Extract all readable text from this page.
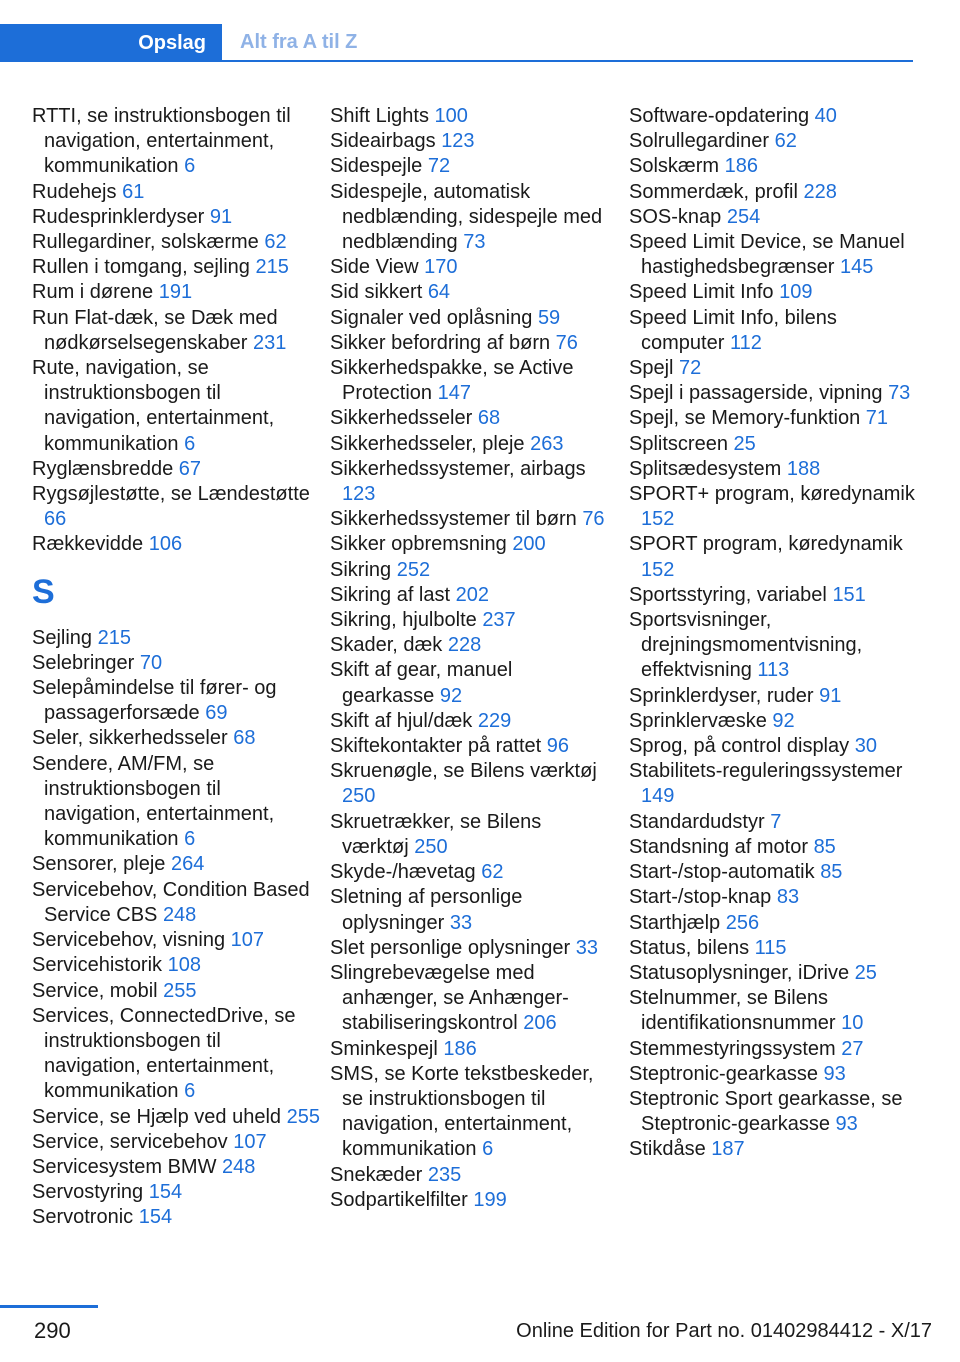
Opslag	Alt fra A til Z

RTTI, se instruktionsbogen til navigation, entertainment, kommunikation 6

Rudehejs 61

Rudesprinklerdyser 91

Rullegardiner, solskærme 62

Rullen i tomgang, sejling 215

Rum i dørene 191

Run Flat-dæk, se Dæk med nødkørselsegenskaber 231

Rute, navigation, se instruktionsbogen til navigation, entertainment, kommunikation 6

Ryglænsbredde 67

Rygsøjlestøtte, se Lændestøtte 66

Rækkevidde 106

S

Sejling 215

Selebringer 70

Selepåmindelse til fører- og passagerforsæde 69

Seler, sikkerhedsseler 68

Sendere, AM/FM, se instruktionsbogen til navigation, entertainment, kommunikation 6

Sensorer, pleje 264

Servicebehov, Condition Based Service CBS 248

Servicebehov, visning 107

Servicehistorik 108

Service, mobil 255

Services, ConnectedDrive, se instruktionsbogen til navigation, entertainment, kommunikation 6

Service, se Hjælp ved uheld 255

Service, servicebehov 107

Servicesystem BMW 248

Servostyring 154

Servotronic 154

Shift Lights 100

Sideairbags 123

Sidespejle 72

Sidespejle, automatisk nedblænding, sidespejle med nedblænding 73

Side View 170

Sid sikkert 64

Signaler ved oplåsning 59

Sikker befordring af børn 76

Sikkerhedspakke, se Active Protection 147

Sikkerhedsseler 68

Sikkerhedsseler, pleje 263

Sikkerhedssystemer, airbags 123

Sikkerhedssystemer til børn 76

Sikker opbremsning 200

Sikring 252

Sikring af last 202

Sikring, hjulbolte 237

Skader, dæk 228

Skift af gear, manuel gearkasse 92

Skift af hjul/dæk 229

Skiftekontakter på rattet 96

Skruenøgle, se Bilens værktøj 250

Skruetrækker, se Bilens værktøj 250

Skyde-/hævetag 62

Sletning af personlige oplysninger 33

Slet personlige oplysninger 33

Slingrebevægelse med anhænger, se Anhænger-stabiliseringskontrol 206

Sminkespejl 186

SMS, se Korte tekstbeskeder, se instruktionsbogen til navigation, entertainment, kommunikation 6

Snekæder 235

Sodpartikelfilter 199

Software-opdatering 40

Solrullegardiner 62

Solskærm 186

Sommerdæk, profil 228

SOS-knap 254

Speed Limit Device, se Manuel hastighedsbegrænser 145

Speed Limit Info 109

Speed Limit Info, bilens computer 112

Spejl 72

Spejl i passagerside, vipning 73

Spejl, se Memory-funktion 71

Splitscreen 25

Splitsædesystem 188

SPORT+ program, køredynamik 152

SPORT program, køredynamik 152

Sportsstyring, variabel 151

Sportsvisninger, drejningsmomentvisning, effektvisning 113

Sprinklerdyser, ruder 91

Sprinklervæske 92

Sprog, på control display 30

Stabilitets-reguleringssystemer 149

Standardudstyr 7

Standsning af motor 85

Start-/stop-automatik 85

Start-/stop-knap 83

Starthjælp 256

Status, bilens 115

Statusoplysninger, iDrive 25

Stelnummer, se Bilens identifikationsnummer 10

Stemmestyringssystem 27

Steptronic-gearkasse 93

Steptronic Sport gearkasse, se Steptronic-gearkasse 93

Stikdåse 187

290	Online Edition for Part no. 01402984412 - X/17
